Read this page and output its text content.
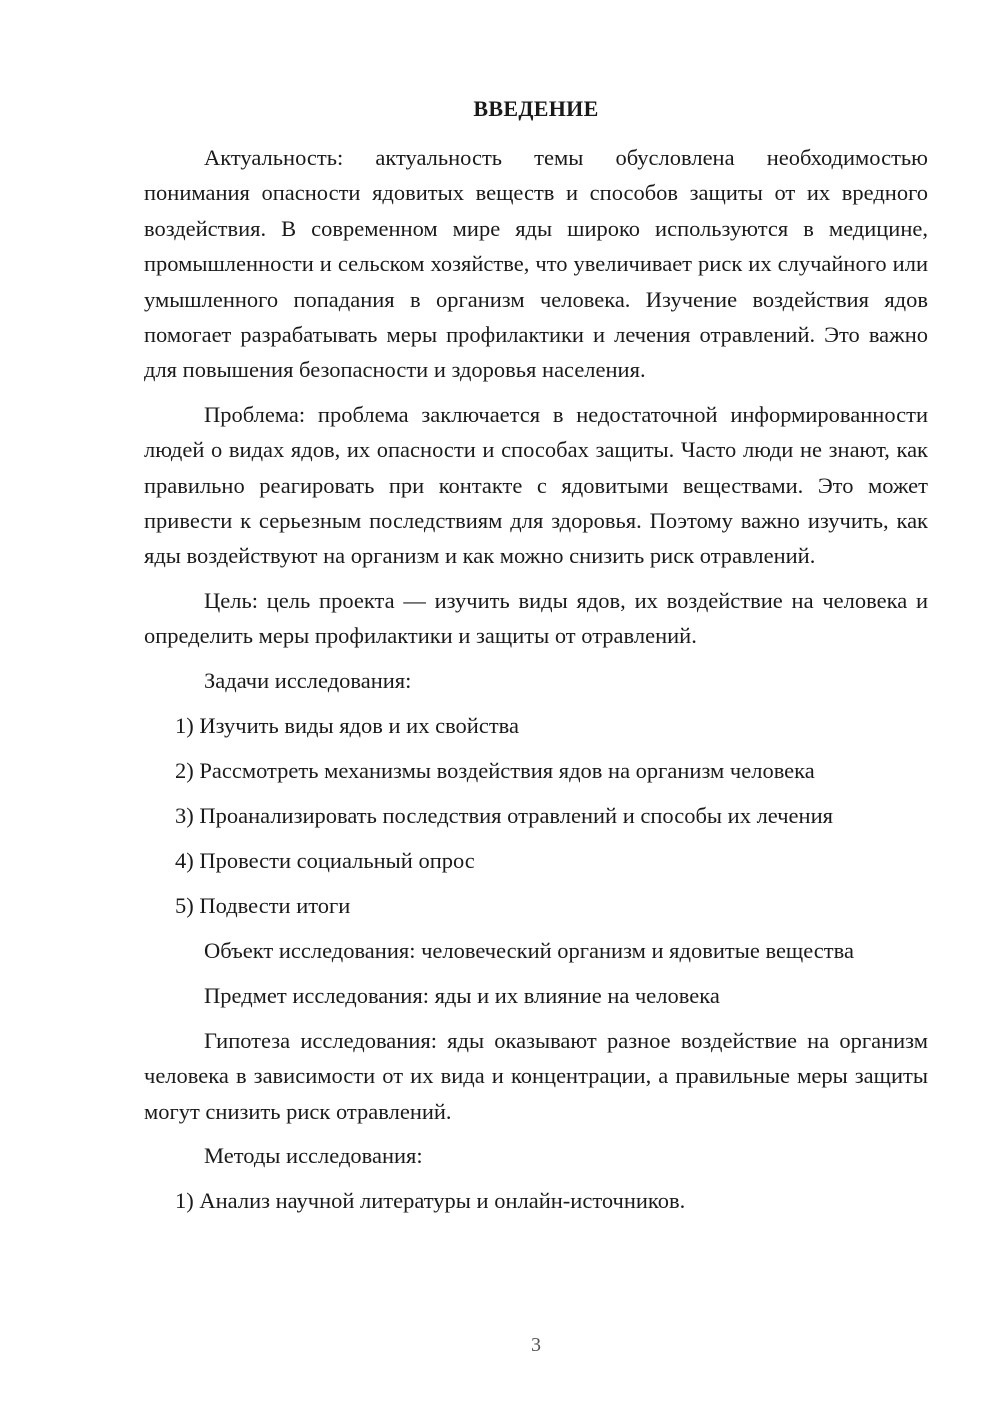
ВВЕДЕНИЕ

Актуальность: актуальность темы обусловлена необходимостью понимания опасности ядовитых веществ и способов защиты от их вредного воздействия. В современном мире яды широко используются в медицине, промышленности и сельском хозяйстве, что увеличивает риск их случайного или умышленного попадания в организм человека. Изучение воздействия ядов помогает разрабатывать меры профилактики и лечения отравлений. Это важно для повышения безопасности и здоровья населения.

Проблема: проблема заключается в недостаточной информированности людей о видах ядов, их опасности и способах защиты. Часто люди не знают, как правильно реагировать при контакте с ядовитыми веществами. Это может привести к серьезным последствиям для здоровья. Поэтому важно изучить, как яды воздействуют на организм и как можно снизить риск отравлений.

Цель: цель проекта — изучить виды ядов, их воздействие на человека и определить меры профилактики и защиты от отравлений.

Задачи исследования:
1) Изучить виды ядов и их свойства
2) Рассмотреть механизмы воздействия ядов на организм человека
3) Проанализировать последствия отравлений и способы их лечения
4) Провести социальный опрос
5) Подвести итоги
Объект исследования: человеческий организм и ядовитые вещества
Предмет исследования: яды и их влияние на человека

Гипотеза исследования: яды оказывают разное воздействие на организм человека в зависимости от их вида и концентрации, а правильные меры защиты могут снизить риск отравлений.

Методы исследования:
1) Анализ научной литературы и онлайн-источников.
3
